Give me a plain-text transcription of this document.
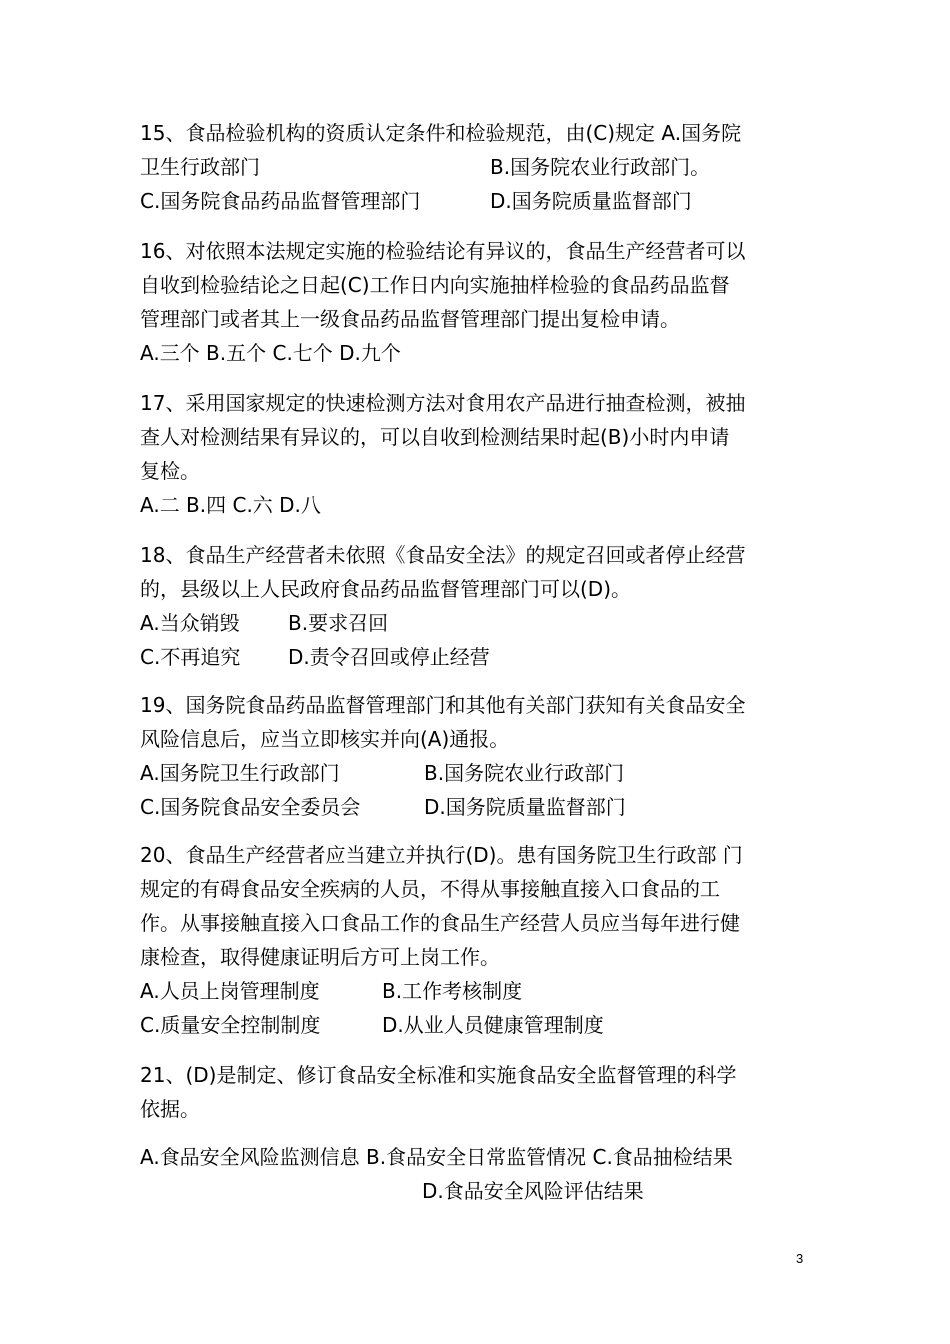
15、食品检验机构的资质认定条件和检验规范，由(C)规定 A.国务院
卫生行政部门	B.国务院农业行政部门。
C.国务院食品药品监督管理部门	D.国务院质量监督部门
16、对依照本法规定实施的检验结论有异议的，食品生产经营者可以
自收到检验结论之日起(C)工作日内向实施抽样检验的食品药品监督
管理部门或者其上一级食品药品监督管理部门提出复检申请。
A.三个 B.五个 C.七个 D.九个
17、采用国家规定的快速检测方法对食用农产品进行抽查检测，被抽
查人对检测结果有异议的，可以自收到检测结果时起(B)小时内申请
复检。
A.二 B.四 C.六 D.八
18、食品生产经营者未依照《食品安全法》的规定召回或者停止经营
的，县级以上人民政府食品药品监督管理部门可以(D)。
A.当众销毁 B.要求召回
C.不再追究 D.责令召回或停止经营
19、国务院食品药品监督管理部门和其他有关部门获知有关食品安全
风险信息后，应当立即核实并向(A)通报。
A.国务院卫生行政部门	B.国务院农业行政部门
C.国务院食品安全委员会	D.国务院质量监督部门
20、食品生产经营者应当建立并执行(D)。患有国务院卫生行政部 门
规定的有碍食品安全疾病的人员，不得从事接触直接入口食品的工
作。从事接触直接入口食品工作的食品生产经营人员应当每年进行健
康检查，取得健康证明后方可上岗工作。
A.人员上岗管理制度	B.工作考核制度
C.质量安全控制制度	D.从业人员健康管理制度
21、(D)是制定、修订食品安全标准和实施食品安全监督管理的科学
依据。
A.食品安全风险监测信息 B.食品安全日常监管情况 C.食品抽检结果
D.食品安全风险评估结果
3
